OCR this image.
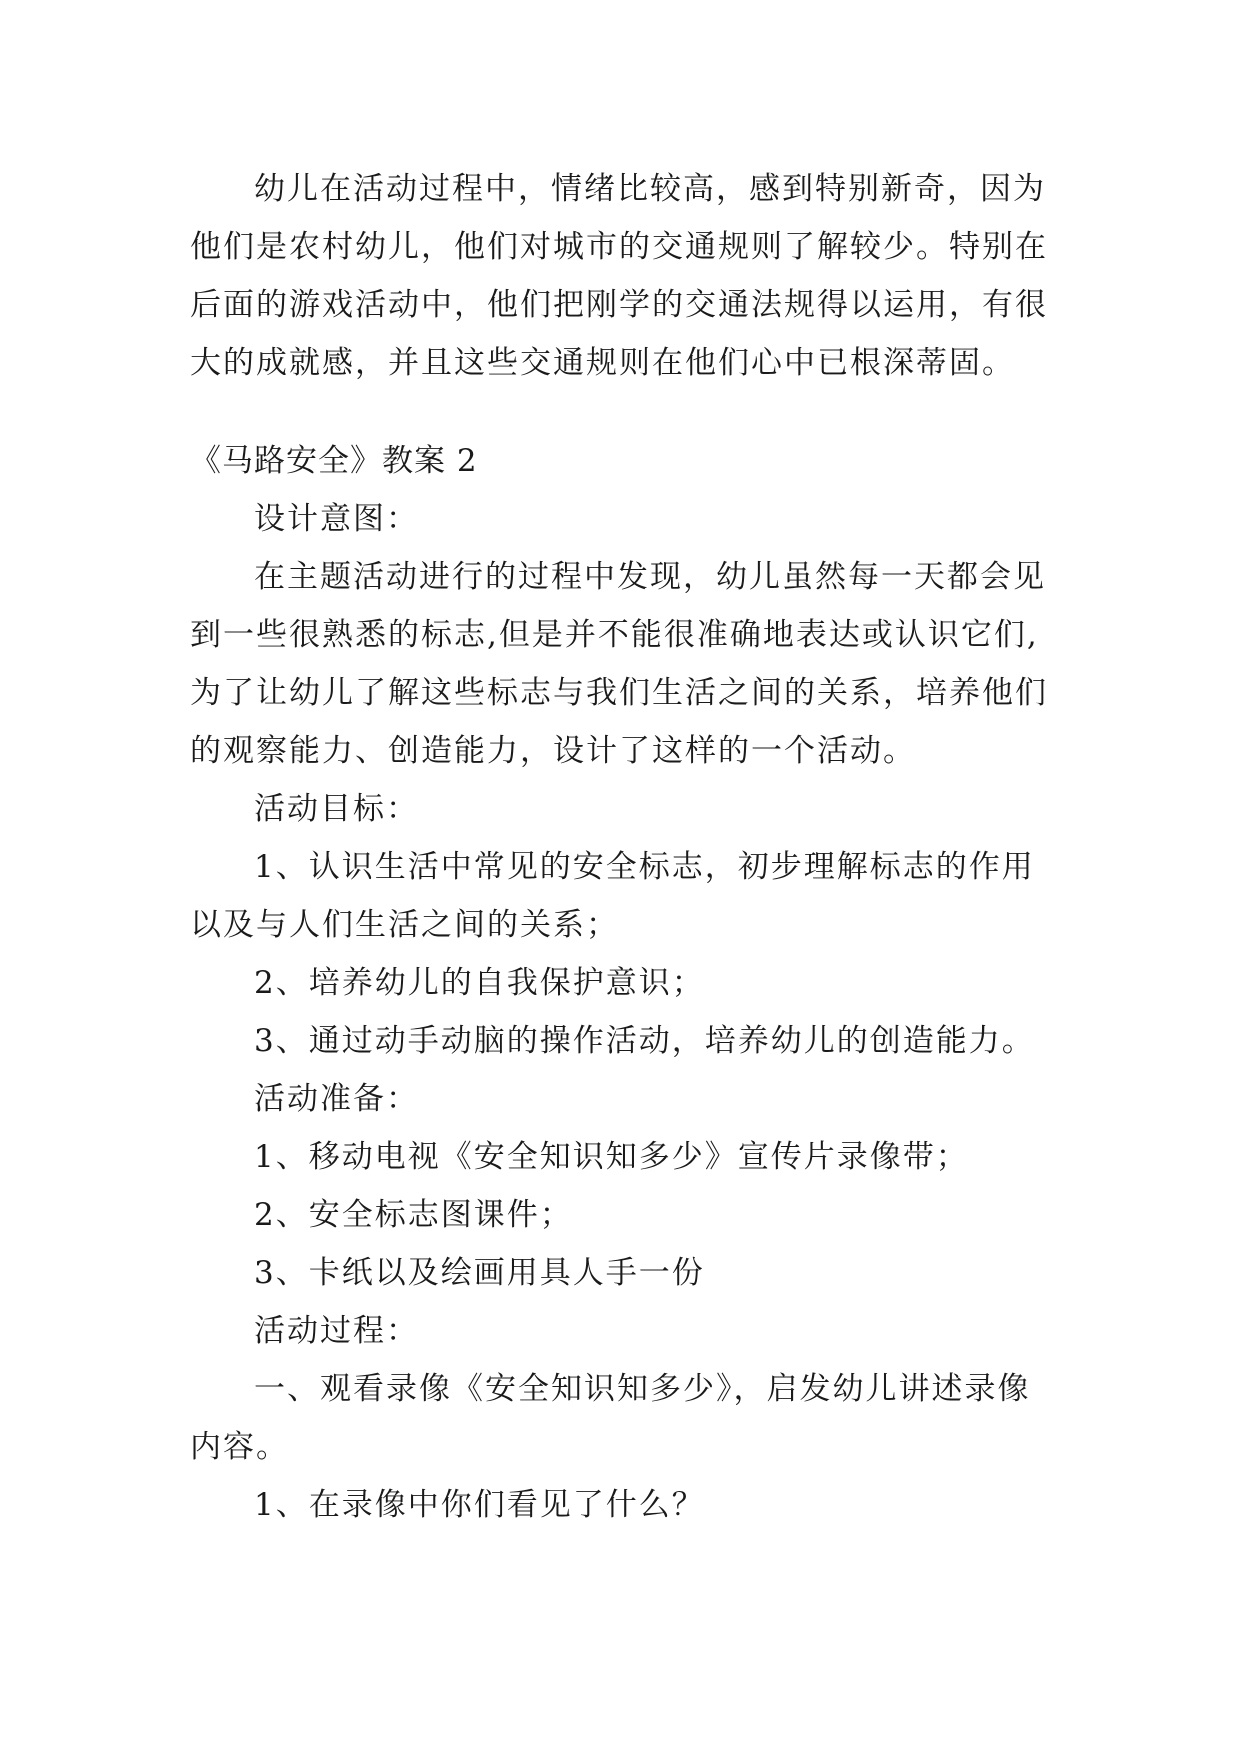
幼儿在活动过程中，情绪比较高，感到特别新奇，因为他们是农村幼儿，他们对城市的交通规则了解较少。特别在后面的游戏活动中，他们把刚学的交通法规得以运用，有很大的成就感，并且这些交通规则在他们心中已根深蒂固。

《马路安全》教案 2

设计意图：

在主题活动进行的过程中发现，幼儿虽然每一天都会见到一些很熟悉的标志,但是并不能很准确地表达或认识它们,为了让幼儿了解这些标志与我们生活之间的关系，培养他们的观察能力、创造能力，设计了这样的一个活动。

活动目标：

1、认识生活中常见的安全标志，初步理解标志的作用以及与人们生活之间的关系；

2、培养幼儿的自我保护意识；

3、通过动手动脑的操作活动，培养幼儿的创造能力。

活动准备：

1、移动电视《安全知识知多少》宣传片录像带；

2、安全标志图课件；

3、卡纸以及绘画用具人手一份

活动过程：

一、观看录像《安全知识知多少》，启发幼儿讲述录像内容。

1、在录像中你们看见了什么？
